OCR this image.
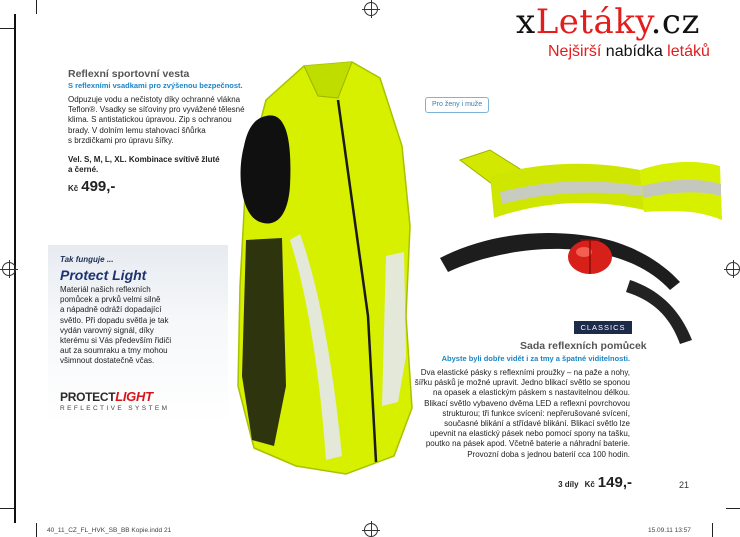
xLetáky.cz
Nejširší nabídka letáků
Reflexní sportovní vesta
S reflexními vsadkami pro zvýšenou bezpečnost.
Odpuzuje vodu a nečistoty díky ochranné vlákna
Teflon®. Vsadky se síťoviny pro vyvážené tělesné
klima. S antistatickou úpravou. Zip s ochranou
brady. V dolním lemu stahovací šňůrka
s brzdičkami pro úpravu šířky.
Vel. S, M, L, XL. Kombinace svítivě žluté
a černé.
Kč 499,-
Tak funguje ...
Protect Light
Materiál našich reflexních
pomůcek a prvků velmi silně
a nápadně odráží dopadající
světlo. Při dopadu světla je tak
vydán varovný signál, díky
kterému si Vás především řidiči
aut za soumraku a tmy mohou
všimnout dostatečně včas.
PROTECTLIGHT
REFLECTIVE SYSTEM
Pro ženy i muže
CLASSICS
Sada reflexních pomůcek
Abyste byli dobře vidět i za tmy a špatné viditelnosti.
Dva elastické pásky s reflexními proužky – na paže a nohy,
šířku pásků je možné upravit. Jedno blikací světlo se sponou
na opasek a elastickým páskem s nastavitelnou délkou.
Blikací světlo vybaveno dvěma LED a reflexní povrchovou
strukturou; tři funkce svícení: nepřerušované svícení,
současné blikání a střídavé blikání. Blikací světlo lze
upevnit na elastický pásek nebo pomocí spony na tašku,
poutko na pásek apod. Včetně baterie a náhradní baterie.
Provozní doba s jednou baterií cca 100 hodin.
3 díly Kč 149,-	21
40_11_CZ_FL_HVK_SB_BB Kopie.indd 21	15.09.11 13:57
